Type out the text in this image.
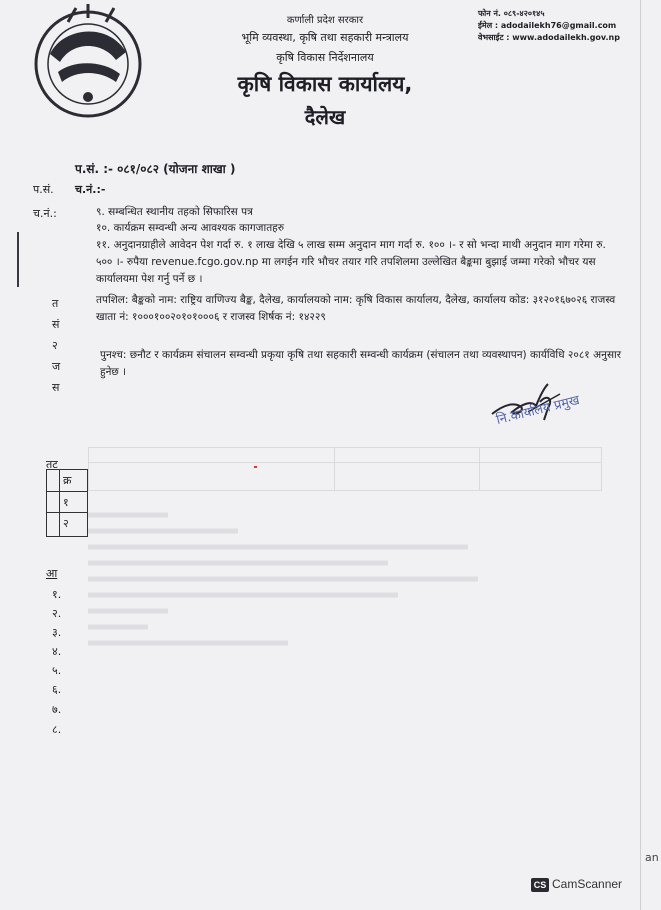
कर्णाली प्रदेश सरकार
भूमि व्यवस्था, कृषि तथा सहकारी मन्त्रालय
कृषि विकास निर्देशनालय
कृषि विकास कार्यालय,
दैलेख
फोन नं. ०८९-४२०१४५
ईमेल : adodailekh76@gmail.com
वेभसाईट : www.adodailekh.gov.np
प.सं. :- ०८१/०८२ (योजना शाखा )
प.सं.
च.नं.:
च.नं.:-
९. सम्बन्धित स्थानीय तहको सिफारिस पत्र
१०. कार्यक्रम सम्वन्धी अन्य आवश्यक कागजातहरु
११. अनुदानग्राहीले आवेदन पेश गर्दा रु. १ लाख देखि ५ लाख सम्म अनुदान माग गर्दा रु. १०० ।- र सो भन्दा माथी अनुदान माग गरेमा रु. ५०० ।- रुपैया revenue.fcgo.gov.np मा लगईन गरि भौचर तयार गरि तपशिलमा उल्लेखित बैङ्कमा बुझाई जम्मा गरेको भौचर यस कार्यालयमा पेश गर्नु पर्ने छ ।
तपशिल: बैङ्कको नाम: राष्ट्रिय वाणिज्य बैङ्क, दैलेख, कार्यालयको नाम: कृषि विकास कार्यालय, दैलेख, कार्यालय कोड: ३१२०१६७०२६ राजस्व खाता नं: १०००१००२०१०१०००६ र राजस्व शिर्षक नं: १४२२९
पुनश्च: छनौट र कार्यक्रम संचालन सम्वन्धी प्रकृया कृषि तथा सहकारी सम्वन्धी कार्यक्रम (संचालन तथा व्यवस्थापन) कार्यविधि २०८१ अनुसार हुनेछ ।
त
सं
२
ज
स
नि.कार्यालय प्रमुख
तट
क्र
१
२
आ
१.
२.
३.
४.
५.
६.
७.
८.
an
CS CamScanner
